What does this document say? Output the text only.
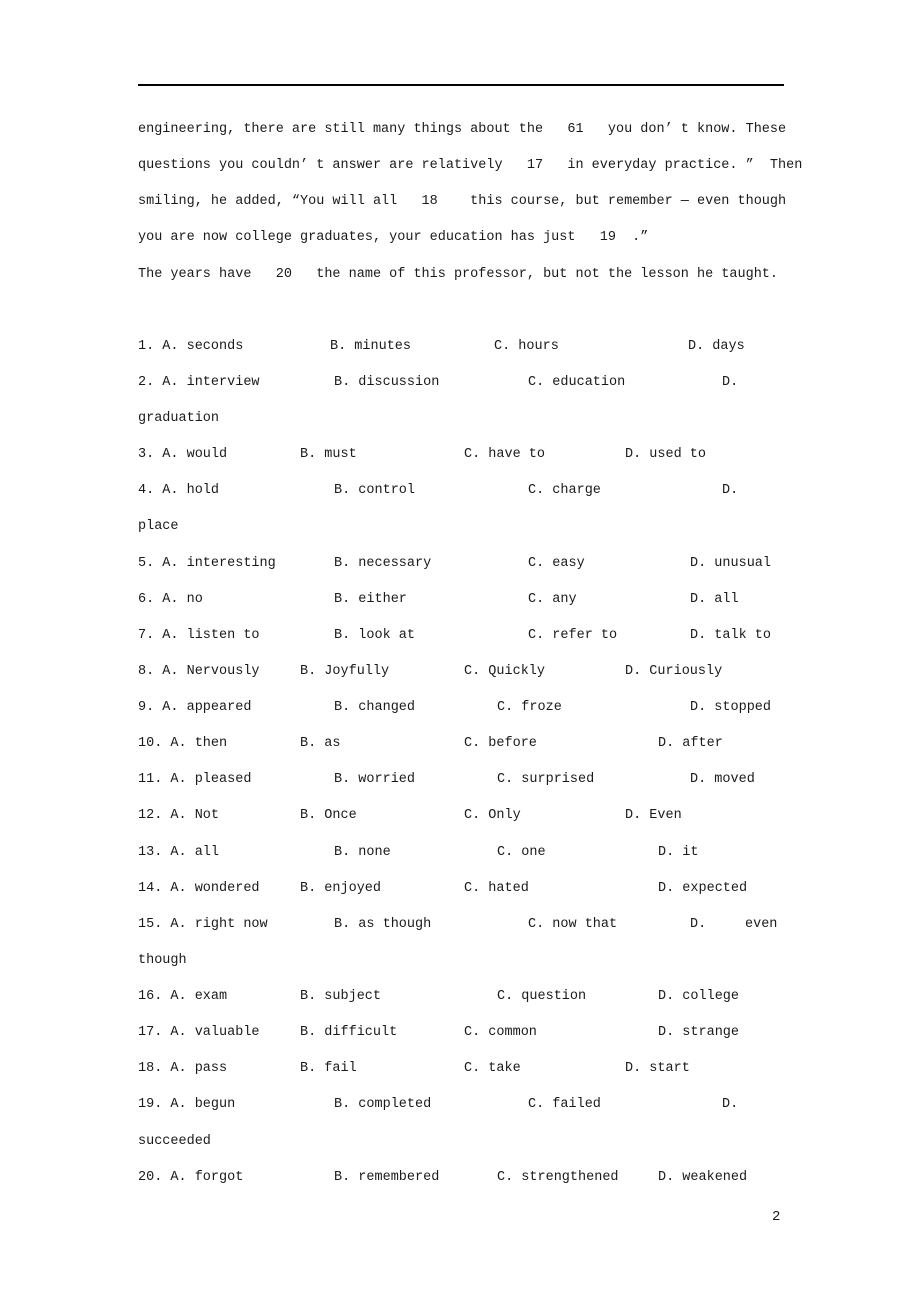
engineering, there are still many things about the   61   you don’ t know. These
questions you couldn’ t answer are relatively   17   in everyday practice. ”  Then
smiling, he added, “You will all   18    this course, but remember — even though
you are now college graduates, your education has just   19  .”
The years have   20   the name of this professor, but not the lesson he taught.
1. A. seconds	B. minutes	C. hours	D. days
2. A. interview	B. discussion	C. education	D.
graduation
3. A. would	B. must	C. have to	D. used to
4. A. hold	B. control	C. charge	D.
place
5. A. interesting	B. necessary	C. easy	D. unusual
6. A. no	B. either	C. any	D. all
7. A. listen to	B. look at	C. refer to	D. talk to
8. A. Nervously	B. Joyfully	C. Quickly	D. Curiously
9. A. appeared	B. changed	C. froze	D. stopped
10. A. then	B. as	C. before	D. after
11. A. pleased	B. worried	C. surprised	D. moved
12. A. Not	B. Once	C. Only	D. Even
13. A. all	B. none	C. one	D. it
14. A. wondered	B. enjoyed	C. hated	D. expected
15. A. right now	B. as though	C. now that	D.	even
though
16. A. exam	B. subject	C. question	D. college
17. A. valuable	B. difficult	C. common	D. strange
18. A. pass	B. fail	C. take	D. start
19. A. begun	B. completed	C. failed	D.
succeeded
20. A. forgot	B. remembered	C. strengthened	D. weakened
2
